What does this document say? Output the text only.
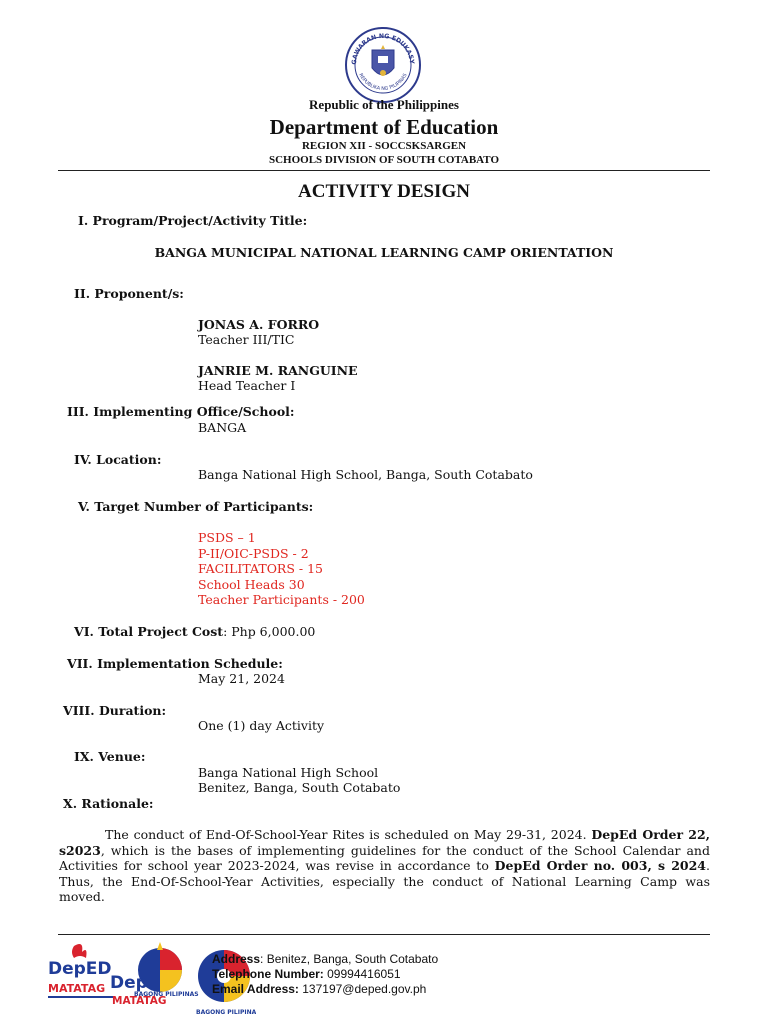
GAWARAN NG EDUKASY
REPUBLIKA NG PILIPINAS
Republic of the Philippines
Department of Education
REGION XII - SOCCSKSARGEN
SCHOOLS DIVISION OF SOUTH COTABATO
ACTIVITY DESIGN
I. Program/Project/Activity Title:
BANGA MUNICIPAL NATIONAL LEARNING CAMP ORIENTATION
II. Proponent/s:
JONAS A. FORRO
Teacher III/TIC
JANRIE M. RANGUINE
Head Teacher I
III. Implementing Office/School:
BANGA
IV. Location:
Banga National High School, Banga, South Cotabato
V. Target Number of Participants:
PSDS – 1
P-II/OIC-PSDS - 2
FACILITATORS - 15
School Heads 30
Teacher Participants - 200
VI. Total Project Cost: Php 6,000.00
VII. Implementation Schedule:
May 21, 2024
VIII. Duration:
One (1) day Activity
IX. Venue:
Banga National High School
Benitez, Banga, South Cotabato
X. Rationale:
The conduct of End-Of-School-Year Rites is scheduled on May 29-31, 2024. DepEd Order 22, s2023, which is the bases of implementing guidelines for the conduct of the School Calendar and Activities for school year 2023-2024, was revise in accordance to DepEd Order no. 003, s 2024. Thus, the End-Of-School-Year Activities, especially the conduct of National Learning Camp was moved.
DepED
MATATAG Dep
MATATAG
BAGONG PILIPINAS
BAGONG PILIPINAS
Address: Benitez, Banga, South Cotabato
Telephone Number: 09994416051
Email Address: 137197@deped.gov.ph
